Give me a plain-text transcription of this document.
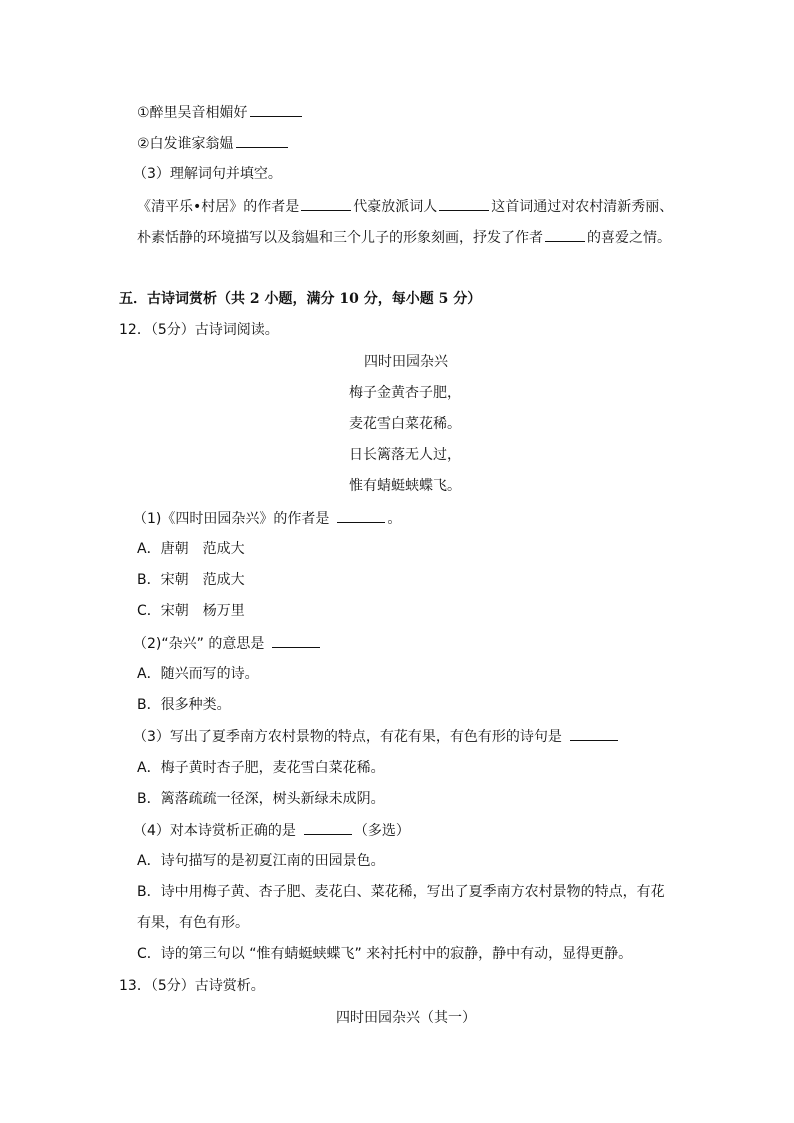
①醉里吴音相媚好
②白发谁家翁媪
（3）理解词句并填空。
《清平乐•村居》的作者是	代豪放派词人	这首词通过对农村清新秀丽、
朴素恬静的环境描写以及翁媪和三个儿子的形象刻画，抒发了作者	的喜爱之情。
五．古诗词赏析（共 2 小题，满分 10 分，每小题 5 分）
12．（5分）古诗词阅读。
四时田园杂兴
梅子金黄杏子肥，
麦花雪白菜花稀。
日长篱落无人过，
惟有蜻蜓蛱蝶飞。
（1)《四时田园杂兴》的作者是	。
A．唐朝　范成大
B．宋朝　范成大
C．宋朝　杨万里
（2)“杂兴” 的意思是
A．随兴而写的诗。
B．很多种类。
（3）写出了夏季南方农村景物的特点，有花有果，有色有形的诗句是
A．梅子黄时杏子肥，麦花雪白菜花稀。
B．篱落疏疏一径深，树头新绿未成阴。
（4）对本诗赏析正确的是	（多选）
A．诗句描写的是初夏江南的田园景色。
B．诗中用梅子黄、杏子肥、麦花白、菜花稀，写出了夏季南方农村景物的特点，有花
有果，有色有形。
C．诗的第三句以 “惟有蜻蜓蛱蝶飞” 来衬托村中的寂静，静中有动，显得更静。
13．（5分）古诗赏析。
四时田园杂兴（其一）
